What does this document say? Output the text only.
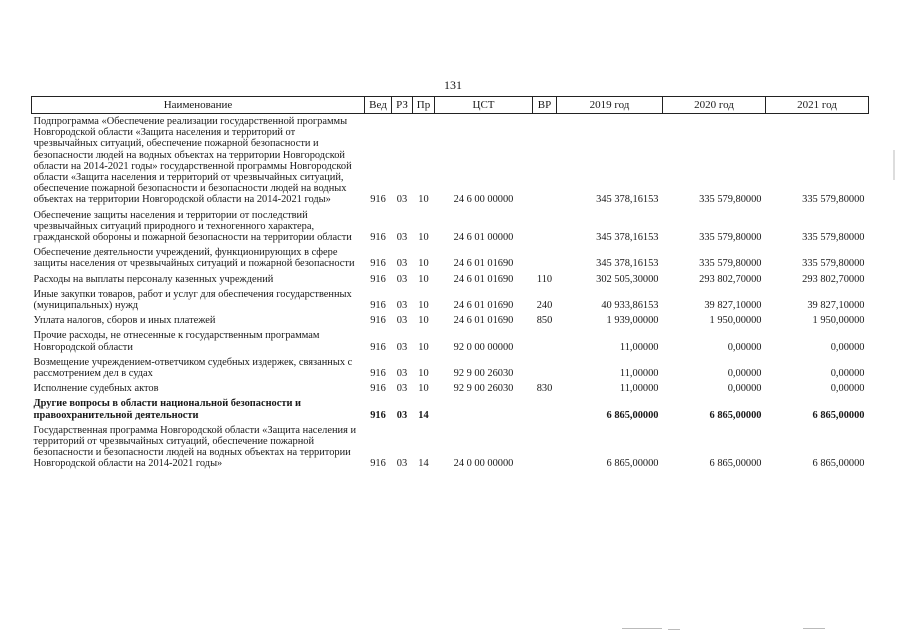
131
Наименование	Вед	РЗ	Пр	ЦСТ	ВР	2019 год	2020 год	2021 год
Подпрограмма «Обеспечение реализации государственной программы Новгородской области «Защита населения и территорий от чрезвычайных ситуаций, обеспечение пожарной безопасности и безопасности людей на водных объектах на территории Новгородской области на 2014-2021 годы» государственной программы Новгородской области «Защита населения и территорий от чрезвычайных ситуаций, обеспечение пожарной безопасности и безопасности людей на водных объектах на территории Новгородской области на 2014-2021 годы»	916	03	10	24 6 00 00000		345 378,16153	335 579,80000	335 579,80000
Обеспечение защиты населения и территории от последствий чрезвычайных ситуаций природного и техногенного характера, гражданской обороны и пожарной безопасности на территории области	916	03	10	24 6 01 00000		345 378,16153	335 579,80000	335 579,80000
Обеспечение деятельности учреждений, функционирующих в сфере защиты населения от чрезвычайных ситуаций и пожарной безопасности	916	03	10	24 6 01 01690		345 378,16153	335 579,80000	335 579,80000
Расходы на выплаты персоналу казенных учреждений	916	03	10	24 6 01 01690	110	302 505,30000	293 802,70000	293 802,70000
Иные закупки товаров, работ и услуг для обеспечения государственных (муниципальных) нужд	916	03	10	24 6 01 01690	240	40 933,86153	39 827,10000	39 827,10000
Уплата налогов, сборов и иных платежей	916	03	10	24 6 01 01690	850	1 939,00000	1 950,00000	1 950,00000
Прочие расходы, не отнесенные к государственным программам Новгородской области	916	03	10	92 0 00 00000		11,00000	0,00000	0,00000
Возмещение учреждением-ответчиком судебных издержек, связанных с рассмотрением дел в судах	916	03	10	92 9 00 26030		11,00000	0,00000	0,00000
Исполнение судебных актов	916	03	10	92 9 00 26030	830	11,00000	0,00000	0,00000
Другие вопросы в области национальной безопасности и правоохранительной деятельности	916	03	14			6 865,00000	6 865,00000	6 865,00000
Государственная программа Новгородской области «Защита населения и территорий от чрезвычайных ситуаций, обеспечение пожарной безопасности и безопасности людей на водных объектах на территории Новгородской области на 2014-2021 годы»	916	03	14	24 0 00 00000		6 865,00000	6 865,00000	6 865,00000
